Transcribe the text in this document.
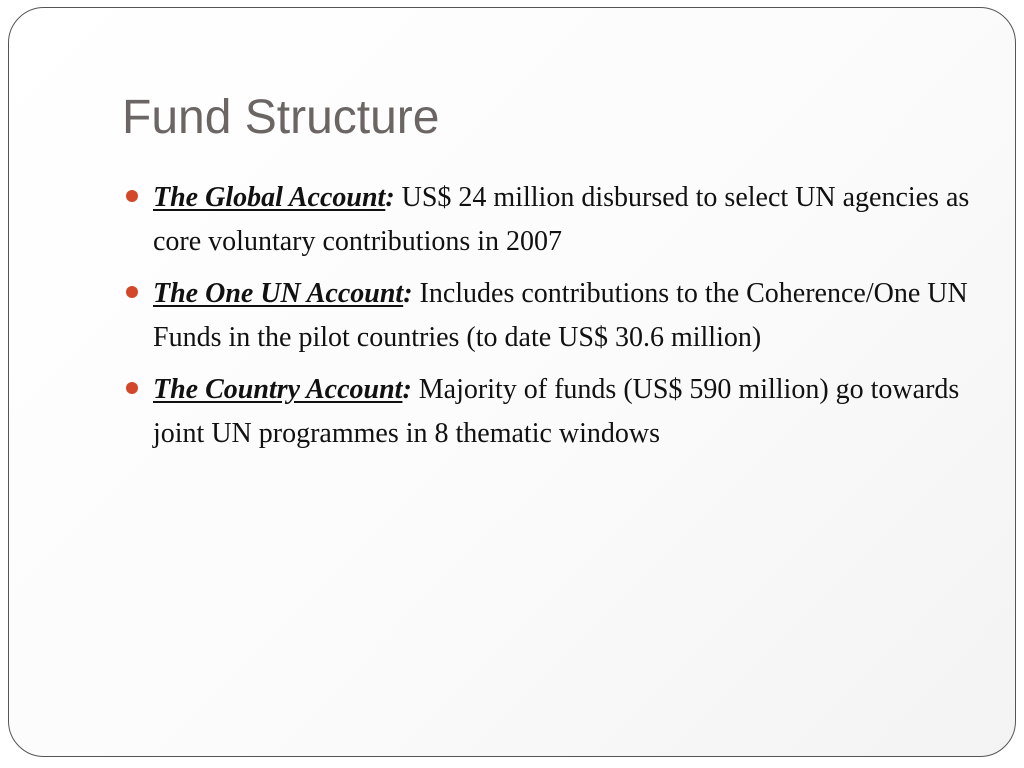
Fund Structure
The Global Account: US$ 24 million disbursed to select UN agencies as core voluntary contributions in 2007
The One UN Account: Includes contributions to the Coherence/One UN Funds in the pilot countries (to date US$ 30.6 million)
The Country Account: Majority of funds (US$ 590 million) go towards joint UN programmes in 8 thematic windows
